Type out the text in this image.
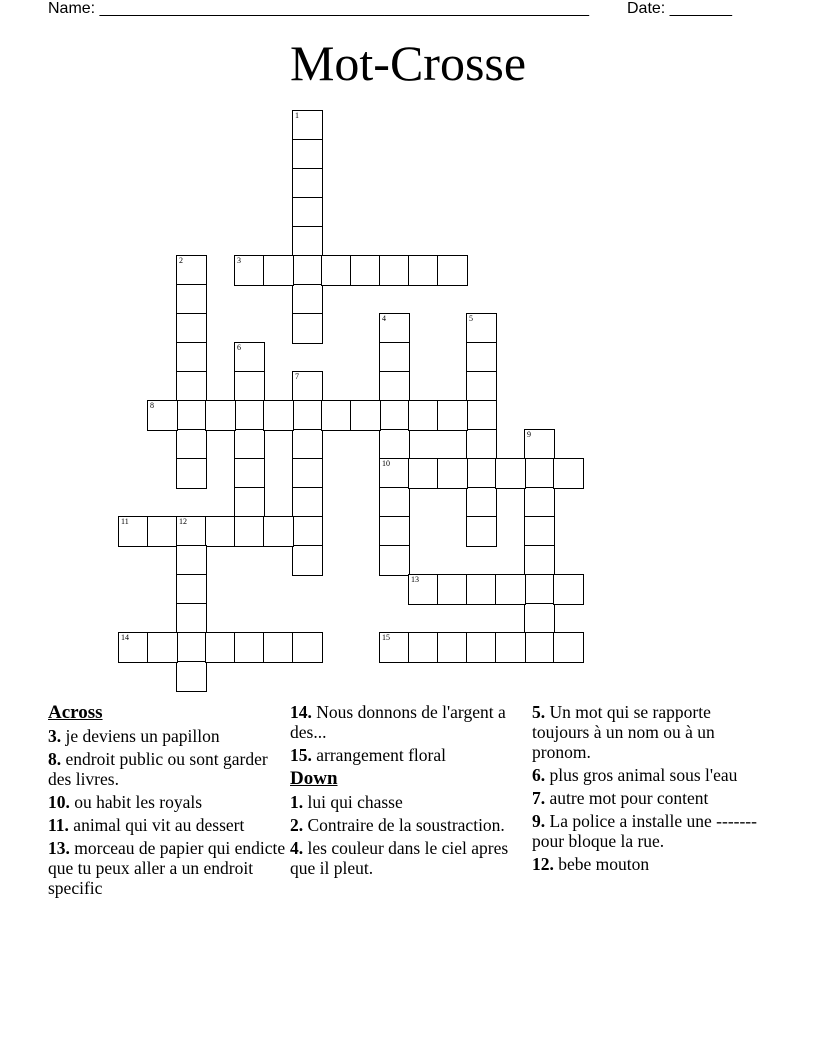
Name: _______________________________________________________ Date: _______
Mot-Crosse
1
2	3
4
10
5
6
7
8
9
11	12
13
14	15
Across
3. je deviens un papillon
8. endroit public ou sont garder des livres.
10. ou habit les royals
11. animal qui vit au dessert
13. morceau de papier qui endicte que tu peux aller a un endroit specific
14. Nous donnons de l'argent a des...
15. arrangement floral
Down
1. lui qui chasse
2. Contraire de la soustraction.
4. les couleur dans le ciel apres que il pleut.
5. Un mot qui se rapporte toujours à un nom ou à un pronom.
6. plus gros animal sous l'eau
7. autre mot pour content
9. La police a installe une ------- pour bloque la rue.
12. bebe mouton
